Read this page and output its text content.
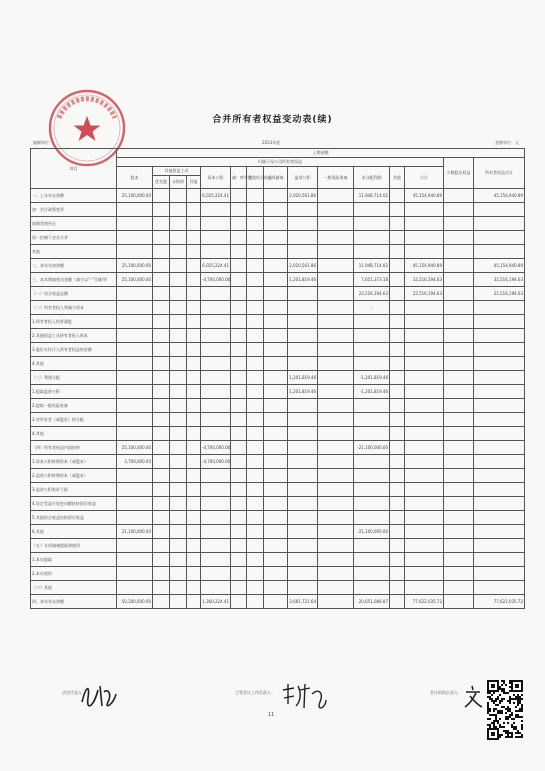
合并所有者权益变动表(续)
编制单位：	2023年度	金额单位：元
项目	上期金额														
	归属于母公司所有者权益													少数股东权益	所有者权益合计
	股本	其他权益工具			资本公积	减：库存股	其他综合收益	专项储备	盈余公积	一般风险准备	未分配利润	其他	小计		
		优先股	永续债	其他											
一、上年年末余额	25,100,000.00				6,025,224.41				2,020,561.86		11,948,714.02		45,154,940.89		45,154,940.89
加：会计政策变更															
前期差错更正															
同一控制下企业合并															
其他															
二、本年年初余额	25,100,000.00				6,025,224.41				2,020,561.86		11,948,714.02		45,154,940.89		45,154,940.89
三、本年增减变动金额（减少以“-”号填列）	25,100,000.00				-4,700,000.00				1,201,819.46		7,651,373.18		32,516,194.63		32,516,194.63
（一）综合收益总额											22,516,194.63		22,516,194.63		22,516,194.63
（二）所有者投入和减少资本											-				
1.所有者投入的普通股															
2.其他权益工具持有者投入资本															
3.股份支付计入所有者权益的金额															
4.其他															
（三）利润分配									1,201,819.46		-1,201,819.46				
1.提取盈余公积									1,201,819.46		-1,201,819.46				
2.提取一般风险准备															
3.对所有者（或股东）的分配															
4.其他															
（四）所有者权益内部结转	25,100,000.00				-4,700,000.00						-21,100,000.00				
1.资本公积转增资本（或股本）	3,700,000.00				-4,700,000.00										
2.盈余公积转增资本（或股本）															
3.盈余公积弥补亏损															
4.设定受益计划变动额结转留存收益															
5.其他综合收益结转留存收益															
6.其他	21,100,000.00										-21,100,000.00				
（五）专项储备提取和使用															
1.本年提取															
2.本年使用															
（六）其他															
四、本年年末余额	50,200,000.00				1,360,224.41				3,681,721.64		20,651,088.87		77,622,035.72		77,622,035.72
法定代表人：	主管会计工作负责人：	会计机构负责人：
11
